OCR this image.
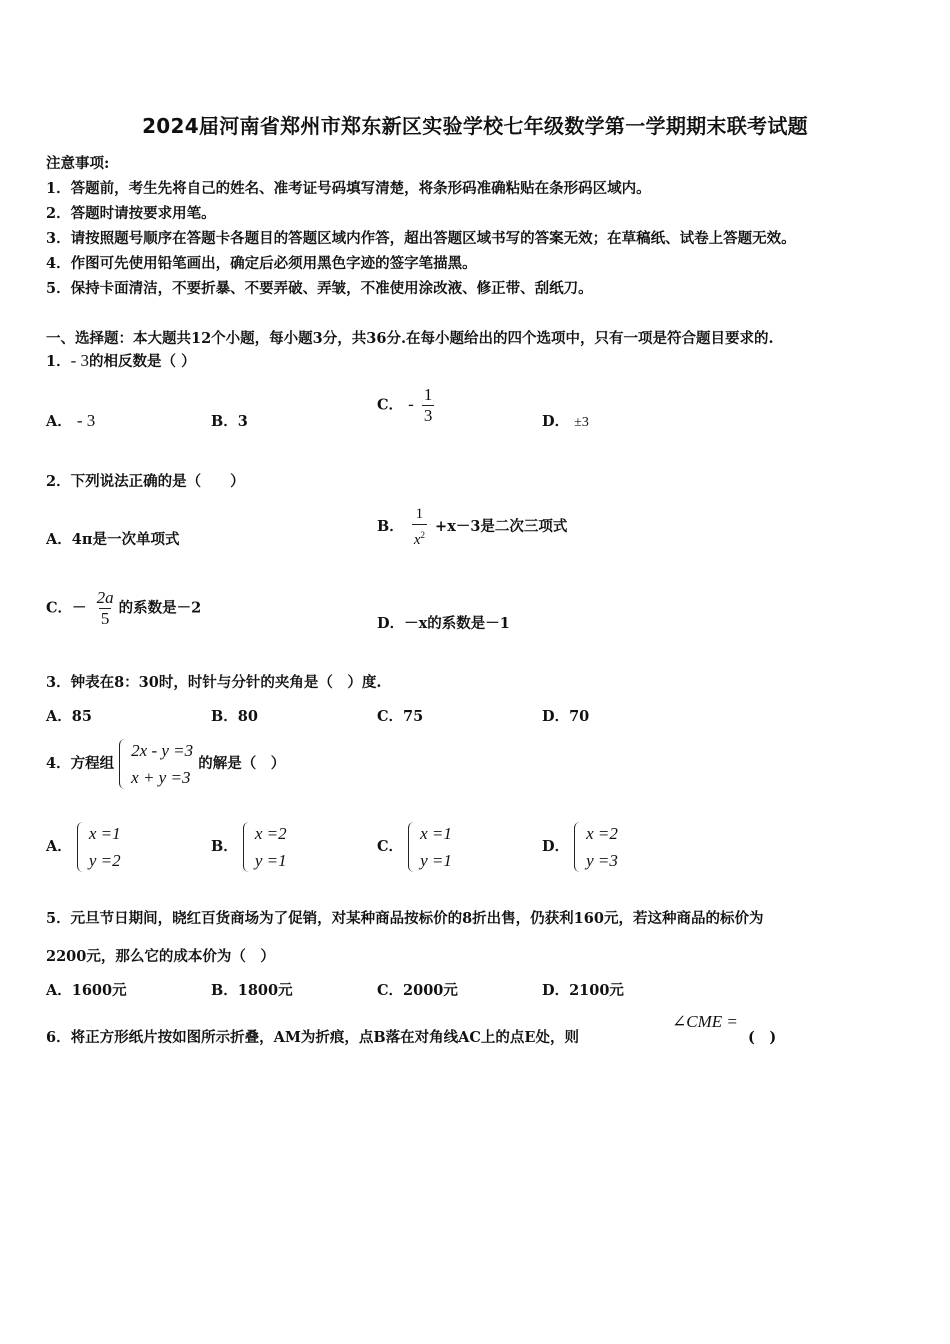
2024届河南省郑州市郑东新区实验学校七年级数学第一学期期末联考试题
注意事项:
1．答题前，考生先将自己的姓名、准考证号码填写清楚，将条形码准确粘贴在条形码区域内。
2．答题时请按要求用笔。
3．请按照题号顺序在答题卡各题目的答题区域内作答，超出答题区域书写的答案无效；在草稿纸、试卷上答题无效。
4．作图可先使用铅笔画出，确定后必须用黑色字迹的签字笔描黑。
5．保持卡面清洁，不要折暴、不要弄破、弄皱，不准使用涂改液、修正带、刮纸刀。
一、选择题：本大题共12个小题，每小题3分，共36分.在每小题给出的四个选项中，只有一项是符合题目要求的.
1．- 3的相反数是（ ）
A． - 3	B．3
C． - $\frac{1}{3}$	D． ±3
2．下列说法正确的是（　　）
A．4π是一次单项式
B． $\frac{1}{x^2} +x-3$是二次三项式
C．－ $\frac{2a}{5}$ 的系数是－2
D．－x的系数是－1
3．钟表在8：30时，时针与分针的夹角是（　）度.
A．85	B．80	C．75	D．70
4．方程组
2x - y =3
x + y =3
的解是（　）
A．
x =1
y =2
B．
x =2
y =1
C．
x =1
y =1
D．
x =2
y =3
5．元旦节日期间，晓红百货商场为了促销，对某种商品按标价的8折出售，仍获利160元，若这种商品的标价为
2200元，那么它的成本价为（　）
A．1600元	B．1800元	C．2000元	D．2100元
6．将正方形纸片按如图所示折叠，AM为折痕，点B落在对角线AC上的点E处，则
∠CME =
(　)
